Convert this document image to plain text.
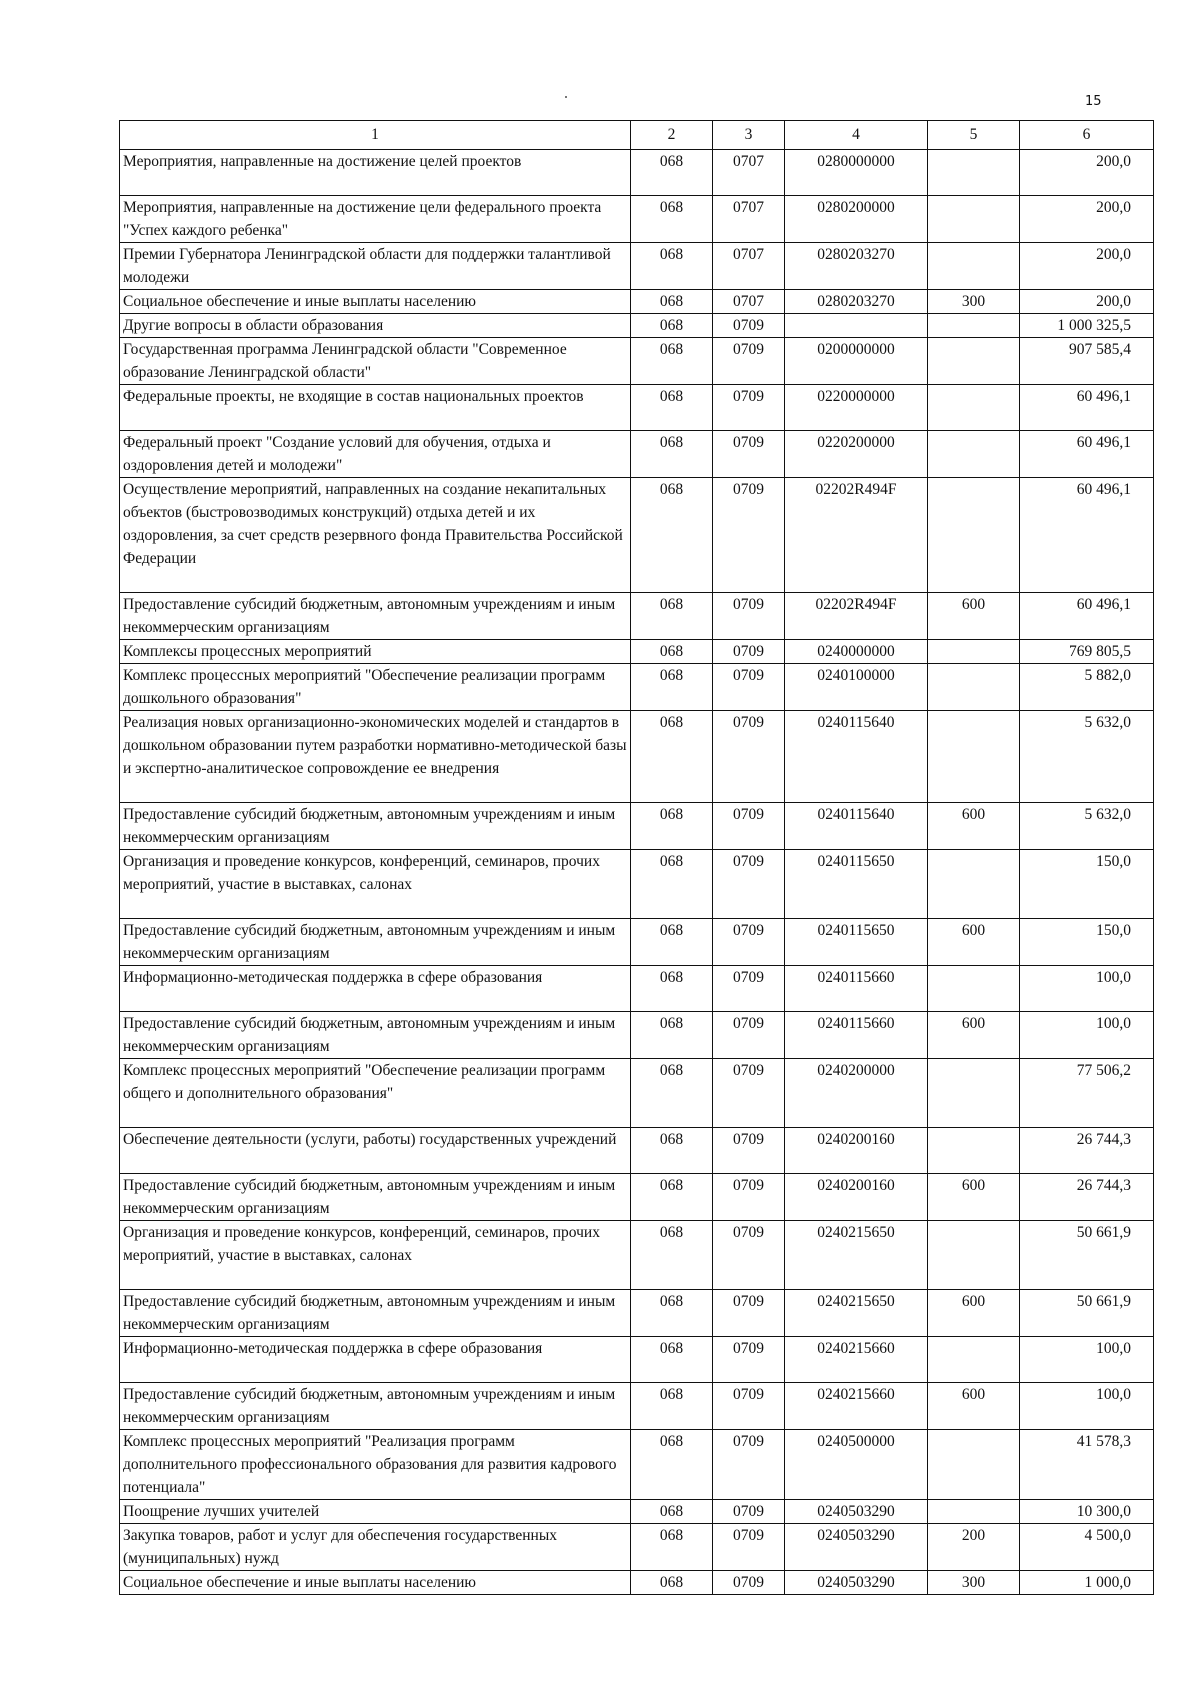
15
1	2	3	4	5	6
Мероприятия, направленные на достижение целей проектов	068	0707	0280000000		200,0
Мероприятия, направленные на достижение цели федерального проекта "Успех каждого ребенка"	068	0707	0280200000		200,0
Премии Губернатора Ленинградской области для поддержки талантливой молодежи	068	0707	0280203270		200,0
Социальное обеспечение и иные выплаты населению	068	0707	0280203270	300	200,0
Другие вопросы в области образования	068	0709			1 000 325,5
Государственная программа Ленинградской области "Современное образование Ленинградской области"	068	0709	0200000000		907 585,4
Федеральные проекты, не входящие в состав национальных проектов	068	0709	0220000000		60 496,1
Федеральный проект "Создание условий для обучения, отдыха и оздоровления детей и молодежи"	068	0709	0220200000		60 496,1
Осуществление мероприятий, направленных на создание некапитальных объектов (быстровозводимых конструкций) отдыха детей и их оздоровления, за счет средств резервного фонда Правительства Российской Федерации	068	0709	02202R494F		60 496,1
Предоставление субсидий бюджетным, автономным учреждениям и иным некоммерческим организациям	068	0709	02202R494F	600	60 496,1
Комплексы процессных мероприятий	068	0709	0240000000		769 805,5
Комплекс процессных мероприятий "Обеспечение реализации программ дошкольного образования"	068	0709	0240100000		5 882,0
Реализация новых организационно-экономических моделей и стандартов в дошкольном образовании путем разработки нормативно-методической базы и экспертно-аналитическое сопровождение ее внедрения	068	0709	0240115640		5 632,0
Предоставление субсидий бюджетным, автономным учреждениям и иным некоммерческим организациям	068	0709	0240115640	600	5 632,0
Организация и проведение конкурсов, конференций, семинаров, прочих мероприятий, участие в выставках, салонах	068	0709	0240115650		150,0
Предоставление субсидий бюджетным, автономным учреждениям и иным некоммерческим организациям	068	0709	0240115650	600	150,0
Информационно-методическая поддержка в сфере образования	068	0709	0240115660		100,0
Предоставление субсидий бюджетным, автономным учреждениям и иным некоммерческим организациям	068	0709	0240115660	600	100,0
Комплекс процессных мероприятий "Обеспечение реализации программ общего и дополнительного образования"	068	0709	0240200000		77 506,2
Обеспечение деятельности (услуги, работы) государственных учреждений	068	0709	0240200160		26 744,3
Предоставление субсидий бюджетным, автономным учреждениям и иным некоммерческим организациям	068	0709	0240200160	600	26 744,3
Организация и проведение конкурсов, конференций, семинаров, прочих мероприятий, участие в выставках, салонах	068	0709	0240215650		50 661,9
Предоставление субсидий бюджетным, автономным учреждениям и иным некоммерческим организациям	068	0709	0240215650	600	50 661,9
Информационно-методическая поддержка в сфере образования	068	0709	0240215660		100,0
Предоставление субсидий бюджетным, автономным учреждениям и иным некоммерческим организациям	068	0709	0240215660	600	100,0
Комплекс процессных мероприятий "Реализация программ дополнительного профессионального образования для развития кадрового потенциала"	068	0709	0240500000		41 578,3
Поощрение лучших учителей	068	0709	0240503290		10 300,0
Закупка товаров, работ и услуг для обеспечения государственных (муниципальных) нужд	068	0709	0240503290	200	4 500,0
Социальное обеспечение и иные выплаты населению	068	0709	0240503290	300	1 000,0
